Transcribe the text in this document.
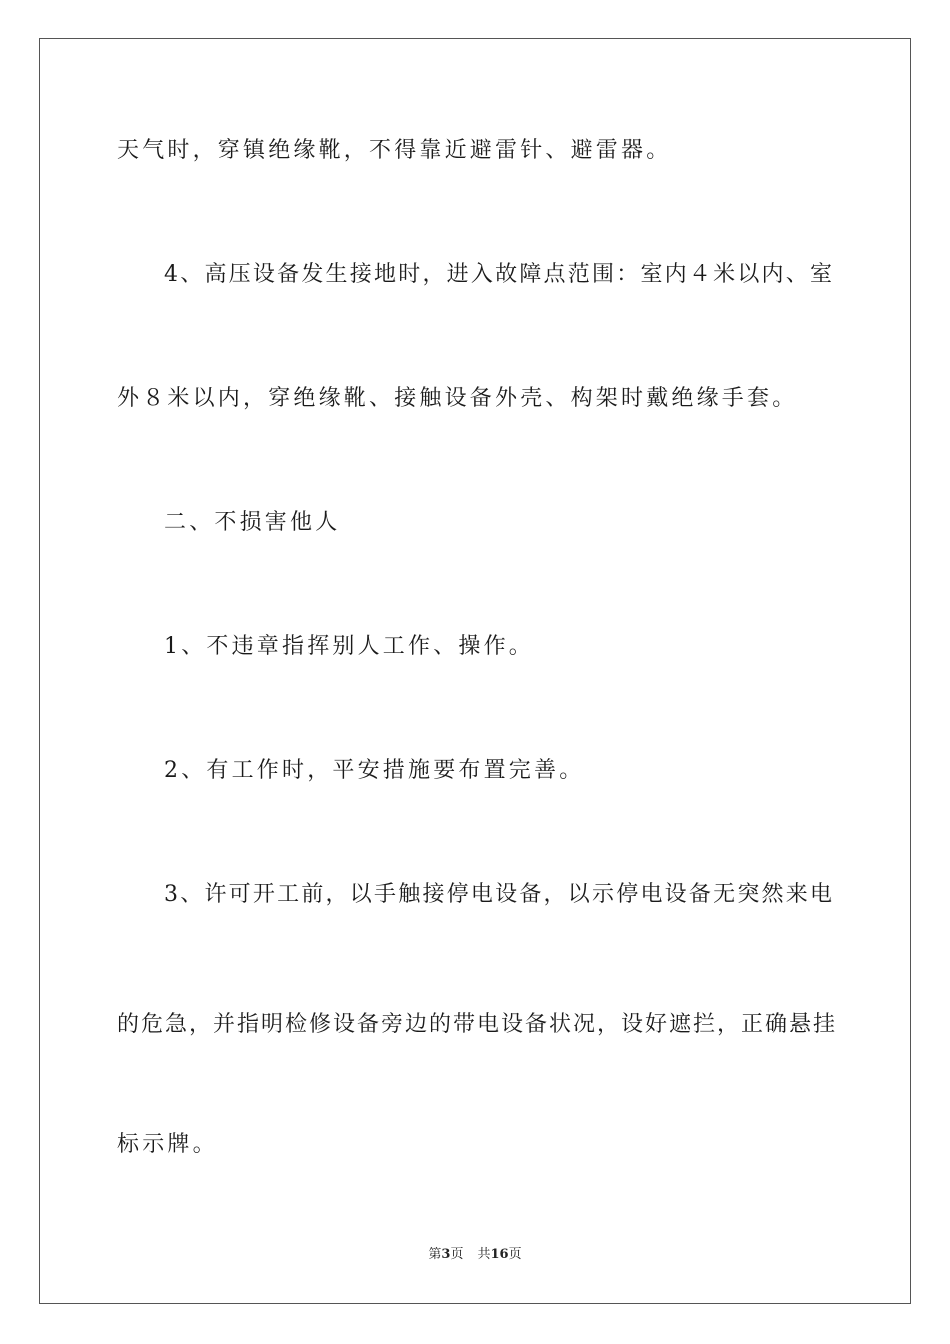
天气时，穿镇绝缘靴，不得靠近避雷针、避雷器。
4、高压设备发生接地时，进入故障点范围：室内４米以内、室
外８米以内，穿绝缘靴、接触设备外壳、构架时戴绝缘手套。
二、不损害他人
1、不违章指挥别人工作、操作。
2、有工作时，平安措施要布置完善。
3、许可开工前，以手触接停电设备，以示停电设备无突然来电
的危急，并指明检修设备旁边的带电设备状况，设好遮拦，正确悬挂
标示牌。
第3页 共16页
